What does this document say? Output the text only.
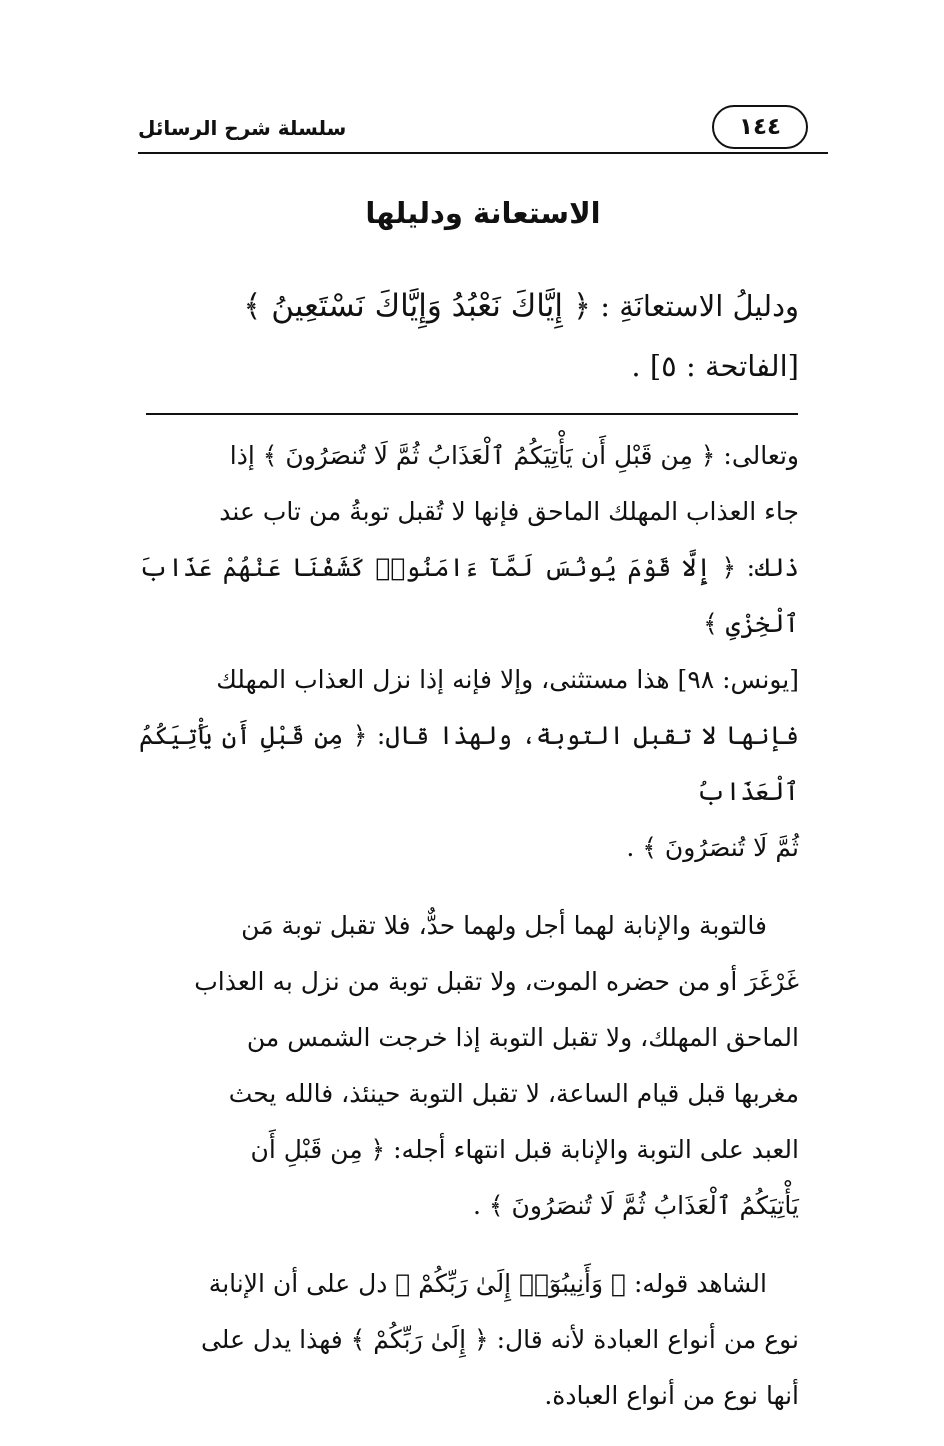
سلسلة شرح الرسائل	١٤٤
الاستعانة ودليلها

ودليلُ الاستعانَةِ : ﴿ إِيَّاكَ نَعْبُدُ وَإِيَّاكَ نَسْتَعِينُ ﴾

[الفاتحة : ٥] .

وتعالى: ﴿ مِن قَبْلِ أَن يَأْتِيَكُمُ ٱلْعَذَابُ ثُمَّ لَا تُنصَرُونَ ﴾ إذا

جاء العذاب المهلك الماحق فإنها لا تُقبل توبةُ من تاب عند

ذلك: ﴿ إِلَّا قَوْمَ يُونُسَ لَمَّآ ءَامَنُوا۟ كَشَفْنَا عَنْهُمْ عَذَابَ ٱلْخِزْىِ ﴾

[يونس: ٩٨] هذا مستثنى، وإلا فإنه إذا نزل العذاب المهلك

فإنها لا تقبل التوبة، ولهذا قال: ﴿ مِن قَبْلِ أَن يَأْتِيَكُمُ ٱلْعَذَابُ

ثُمَّ لَا تُنصَرُونَ ﴾ .

فالتوبة والإنابة لهما أجل ولهما حدٌّ، فلا تقبل توبة مَن

غَرْغَرَ أو من حضره الموت، ولا تقبل توبة من نزل به العذاب

الماحق المهلك، ولا تقبل التوبة إذا خرجت الشمس من

مغربها قبل قيام الساعة، لا تقبل التوبة حينئذ، فالله يحث

العبد على التوبة والإنابة قبل انتهاء أجله: ﴿ مِن قَبْلِ أَن

يَأْتِيَكُمُ ٱلْعَذَابُ ثُمَّ لَا تُنصَرُونَ ﴾ .

الشاهد قوله: ﴿ وَأَنِيبُوٓا۟ إِلَىٰ رَبِّكُمْ ﴾ دل على أن الإنابة

نوع من أنواع العبادة لأنه قال: ﴿ إِلَىٰ رَبِّكُمْ ﴾ فهذا يدل على

أنها نوع من أنواع العبادة.
